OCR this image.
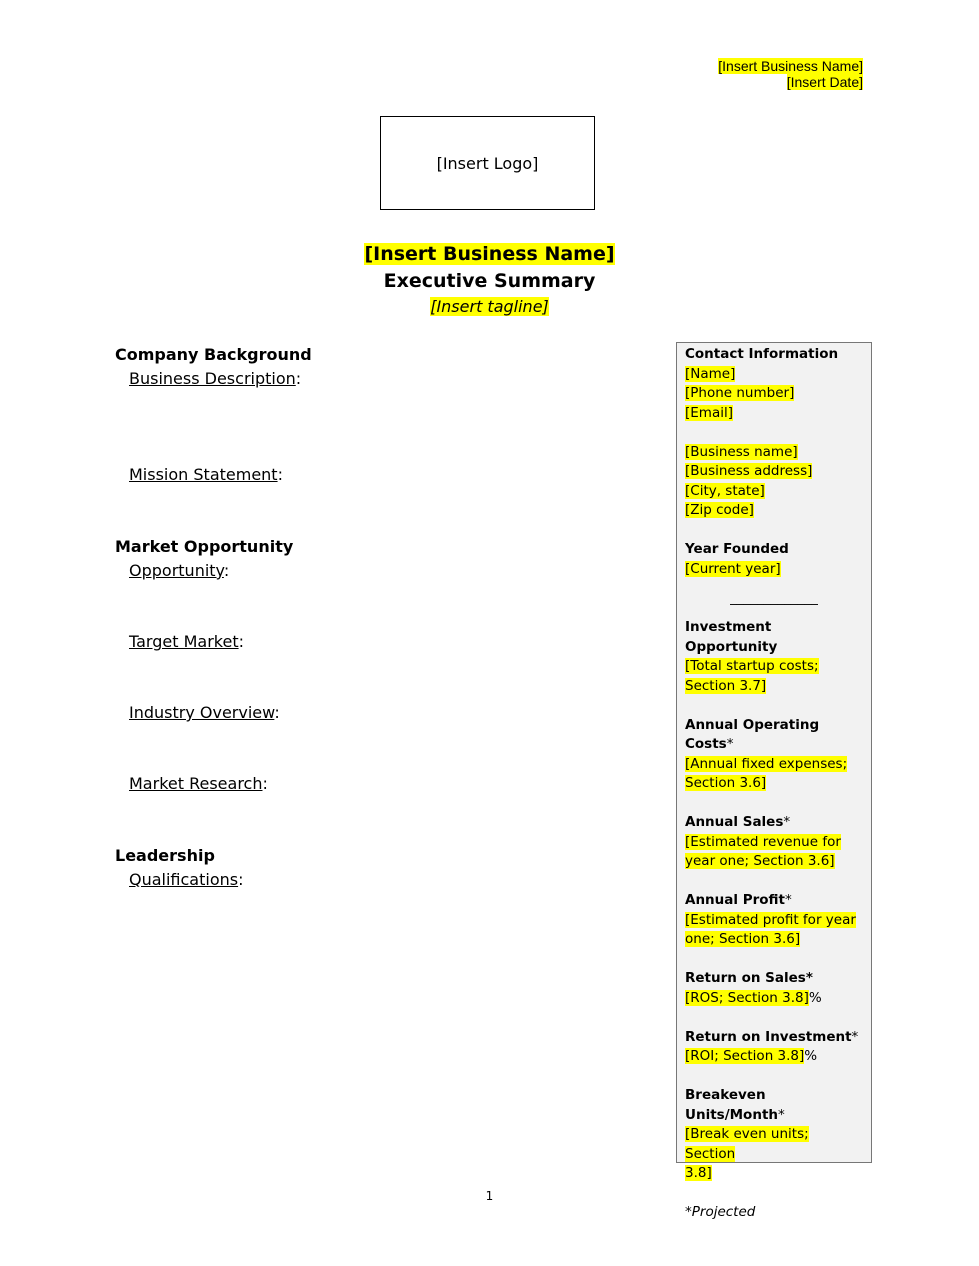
[Insert Business Name]
[Insert Date]
[Insert Logo]
[Insert Business Name]
Executive Summary
[Insert tagline]
Company Background
Business Description:
Mission Statement:
Market Opportunity
Opportunity:
Target Market:
Industry Overview:
Market Research:
Leadership
Qualifications:
Contact Information
[Name]
[Phone number]
[Email]
[Business name]
[Business address]
[City, state]
[Zip code]
Year Founded
[Current year]
_____________
Investment Opportunity
[Total startup costs;
Section 3.7]
Annual Operating Costs*
[Annual fixed expenses;
Section 3.6]
Annual Sales*
[Estimated revenue for
year one; Section 3.6]
Annual Profit*
[Estimated profit for year
one; Section 3.6]
Return on Sales*
[ROS; Section 3.8]%
Return on Investment*
[ROI; Section 3.8]%
Breakeven Units/Month*
[Break even units; Section
3.8]
*Projected
1
